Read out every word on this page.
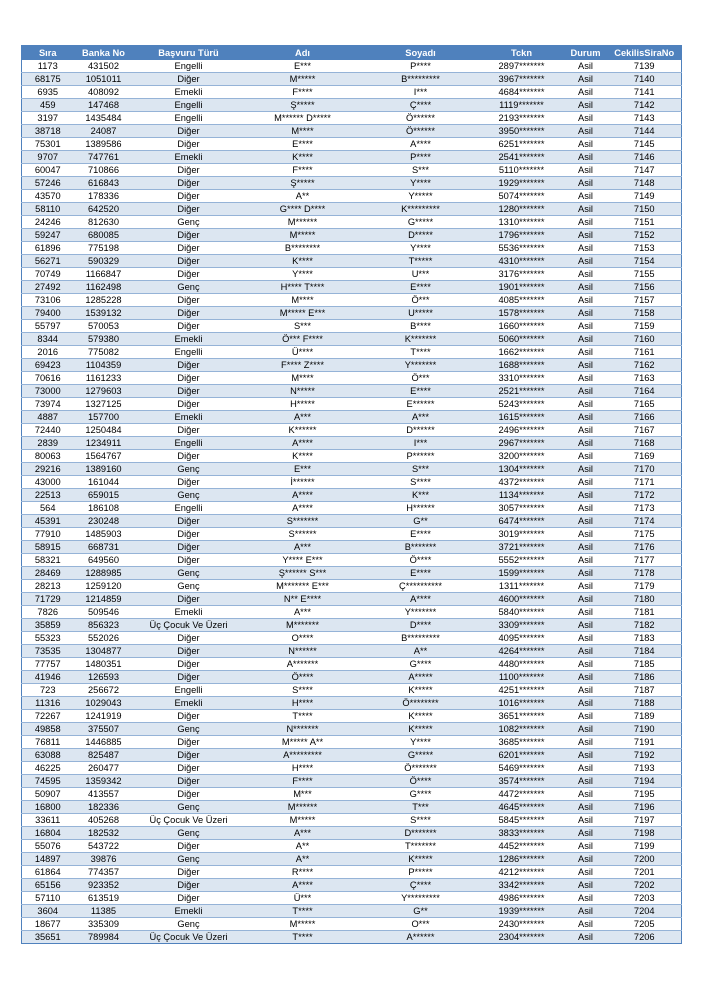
Sıra	Banka No	Başvuru Türü	Adı	Soyadı	Tckn	Durum	CekilisSiraNo
1173	431502	Engelli	E***	P****	2897*******	Asil	7139
68175	1051011	Diğer	M*****	B*********	3967*******	Asil	7140
6935	408092	Emekli	F****	I***	4684*******	Asil	7141
459	147468	Engelli	Ş*****	Ç****	1119*******	Asil	7142
3197	1435484	Engelli	M****** D*****	Ö******	2193*******	Asil	7143
38718	24087	Diğer	M****	Ö******	3950*******	Asil	7144
75301	1389586	Diğer	E****	A****	6251*******	Asil	7145
9707	747761	Emekli	K****	P****	2541*******	Asil	7146
60047	710866	Diğer	F****	S***	5110*******	Asil	7147
57246	616843	Diğer	Ş*****	Y****	1929*******	Asil	7148
43570	178336	Diğer	A**	Y*****	5074*******	Asil	7149
58110	642520	Diğer	G**** D****	K*********	1280*******	Asil	7150
24246	812630	Genç	M******	G*****	1310*******	Asil	7151
59247	680085	Diğer	M*****	D*****	1796*******	Asil	7152
61896	775198	Diğer	B********	Y****	5536*******	Asil	7153
56271	590329	Diğer	K****	T*****	4310*******	Asil	7154
70749	1166847	Diğer	Y****	U***	3176*******	Asil	7155
27492	1162498	Genç	H**** T****	E****	1901*******	Asil	7156
73106	1285228	Diğer	M****	Ö***	4085*******	Asil	7157
79400	1539132	Diğer	M***** E***	U*****	1578*******	Asil	7158
55797	570053	Diğer	S***	B****	1660*******	Asil	7159
8344	579380	Emekli	Ö*** F****	K*******	5060*******	Asil	7160
2016	775082	Engelli	Ü****	T****	1662*******	Asil	7161
69423	1104359	Diğer	F**** Z****	Y*******	1688*******	Asil	7162
70616	1161233	Diğer	M****	Ö***	3310*******	Asil	7163
73000	1279603	Diğer	N*****	E****	2521*******	Asil	7164
73974	1327125	Diğer	H*****	E******	5243*******	Asil	7165
4887	157700	Emekli	A***	A***	1615*******	Asil	7166
72440	1250484	Diğer	K******	D******	2496*******	Asil	7167
2839	1234911	Engelli	A****	I***	2967*******	Asil	7168
80063	1564767	Diğer	K****	P******	3200*******	Asil	7169
29216	1389160	Genç	E***	S***	1304*******	Asil	7170
43000	161044	Diğer	İ******	S****	4372*******	Asil	7171
22513	659015	Genç	A****	K***	1134*******	Asil	7172
564	186108	Engelli	A****	H******	3057*******	Asil	7173
45391	230248	Diğer	S*******	G**	6474*******	Asil	7174
77910	1485903	Diğer	S******	E****	3019*******	Asil	7175
58915	668731	Diğer	A***	B*******	3721*******	Asil	7176
58321	649560	Diğer	Y**** E***	Ö****	5552*******	Asil	7177
28469	1288985	Genç	Ş****** S***	E****	1599*******	Asil	7178
28213	1259120	Genç	M******* E***	Ç**********	1311*******	Asil	7179
71729	1214859	Diğer	N** E****	A****	4600*******	Asil	7180
7826	509546	Emekli	A***	Y*******	5840*******	Asil	7181
35859	856323	Üç Çocuk Ve Üzeri	M*******	D****	3309*******	Asil	7182
55323	552026	Diğer	O****	B*********	4095*******	Asil	7183
73535	1304877	Diğer	N******	A**	4264*******	Asil	7184
77757	1480351	Diğer	A*******	G****	4480*******	Asil	7185
41946	126593	Diğer	Ö****	A*****	1100*******	Asil	7186
723	256672	Engelli	S****	K*****	4251*******	Asil	7187
11316	1029043	Emekli	H****	Ö********	1016*******	Asil	7188
72267	1241919	Diğer	T****	K*****	3651*******	Asil	7189
49858	375507	Genç	N*******	K*****	1082*******	Asil	7190
76811	1446885	Diğer	M***** A**	Y****	3685*******	Asil	7191
63088	825487	Diğer	A*********	G*****	6201*******	Asil	7192
46225	260477	Diğer	H****	Ö*******	5469*******	Asil	7193
74595	1359342	Diğer	F****	Ö****	3574*******	Asil	7194
50907	413557	Diğer	M***	G****	4472*******	Asil	7195
16800	182336	Genç	M******	T***	4645*******	Asil	7196
33611	405268	Üç Çocuk Ve Üzeri	M*****	S****	5845*******	Asil	7197
16804	182532	Genç	A***	D*******	3833*******	Asil	7198
55076	543722	Diğer	A**	T*******	4452*******	Asil	7199
14897	39876	Genç	A**	K*****	1286*******	Asil	7200
61864	774357	Diğer	R****	P*****	4212*******	Asil	7201
65156	923352	Diğer	A****	Ç****	3342*******	Asil	7202
57110	613519	Diğer	Ü***	Y*********	4986*******	Asil	7203
3604	11385	Emekli	T****	G**	1939*******	Asil	7204
18677	335309	Genç	M*****	O***	2430*******	Asil	7205
35651	789984	Üç Çocuk Ve Üzeri	T****	A******	2304*******	Asil	7206
